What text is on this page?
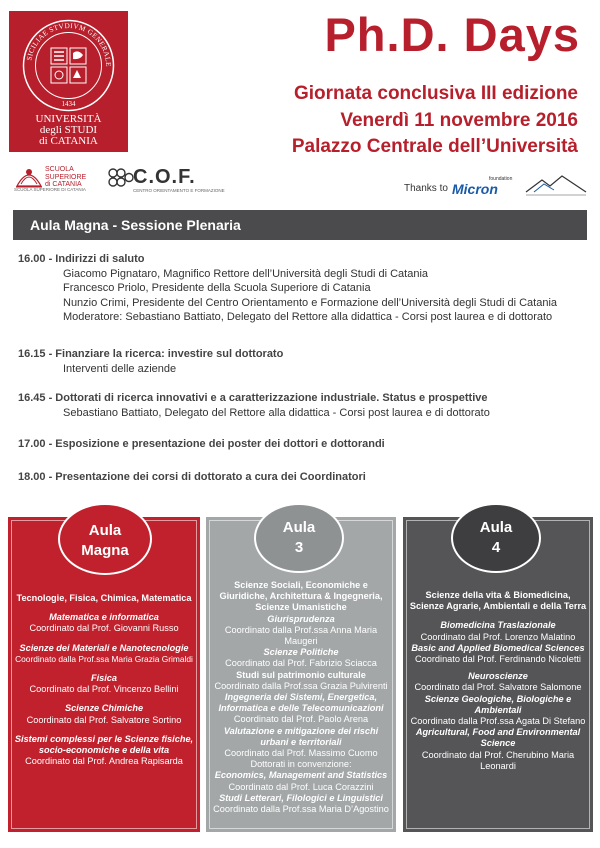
SICILIAE STVDIVM GENERALE
1434
UNIVERSITÀ
degli STUDI
di CATANIA
Ph.D. Days
Giornata conclusiva III edizione
Venerdì 11 novembre 2016
Palazzo Centrale dell’Università
SCUOLA
SUPERIORE
di CATANIA
SCUOLA SUPERIORE DI CATANIA
C.O.F.
CENTRO ORIENTAMENTO E FORMAZIONE	Thanks to
foundation
Micron
Aula Magna - Sessione Plenaria
16.00 - Indirizzi di saluto
Giacomo Pignataro, Magnifico Rettore dell’Università degli Studi di Catania
Francesco Priolo, Presidente della Scuola Superiore di Catania
Nunzio Crimi, Presidente del Centro Orientamento e Formazione dell’Università degli Studi di Catania
Moderatore: Sebastiano Battiato, Delegato del Rettore alla didattica - Corsi post laurea e di dottorato
16.15 - Finanziare la ricerca: investire sul dottorato
Interventi delle aziende
16.45 - Dottorati di ricerca innovativi e a caratterizzazione industriale. Status e prospettive
Sebastiano Battiato, Delegato del Rettore alla didattica - Corsi post laurea e di dottorato
17.00 - Esposizione e presentazione dei poster dei dottori e dottorandi
18.00 - Presentazione dei corsi di dottorato a cura dei Coordinatori
Aula
Magna
Tecnologie, Fisica, Chimica, Matematica
Matematica e informatica
Coordinato dal Prof. Giovanni Russo
Scienze dei Materiali e Nanotecnologie
Coordinato dalla Prof.ssa Maria Grazia Grimaldi
Fisica
Coordinato dal Prof. Vincenzo Bellini
Scienze Chimiche
Coordinato dal Prof. Salvatore Sortino
Sistemi complessi per le Scienze fisiche, socio-economiche e della vita
Coordinato dal Prof. Andrea Rapisarda
Aula
3
Scienze Sociali, Economiche e Giuridiche, Architettura & Ingegneria, Scienze Umanistiche
Giurisprudenza
Coordinato dalla Prof.ssa Anna Maria Maugeri
Scienze Politiche
Coordinato dal Prof. Fabrizio Sciacca
Studi sul patrimonio culturale
Coordinato dalla Prof.ssa Grazia Pulvirenti
Ingegneria dei Sistemi, Energetica, Informatica e delle Telecomunicazioni
Coordinato dal Prof. Paolo Arena
Valutazione e mitigazione dei rischi urbani e territoriali
Coordinato dal Prof. Massimo Cuomo
Dottorati in convenzione:
Economics, Management and Statistics
Coordinato dal Prof. Luca Corazzini
Studi Letterari, Filologici e Linguistici
Coordinato dalla Prof.ssa Maria D’Agostino
Aula
4
Scienze della vita & Biomedicina, Scienze Agrarie, Ambientali e della Terra
Biomedicina Traslazionale
Coordinato dal Prof. Lorenzo Malatino
Basic and Applied Biomedical Sciences
Coordinato dal Prof. Ferdinando Nicoletti
Neuroscienze
Coordinato dal Prof. Salvatore Salomone
Scienze Geologiche, Biologiche e Ambientali
Coordinato dalla Prof.ssa Agata Di Stefano
Agricultural, Food and Environmental Science
Coordinato dal Prof. Cherubino Maria Leonardi
